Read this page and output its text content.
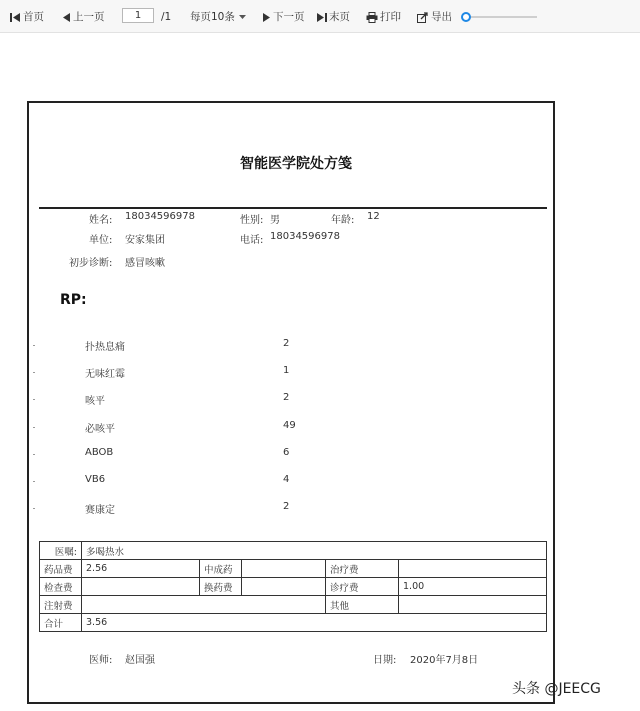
首页	上一页	1	/1 每页10条	下一页 末页	打印	导出
智能医学院处方笺
姓名: 18034596978	性别: 男	年龄: 12
单位: 安家集团	电话: 18034596978
初步诊断: 感冒咳嗽
RP:
扑热息痛	2
无味红霉	1
咳平	2
必咳平	49
ABOB	6
VB6	4
赛康定	2
医嘱:	多喝热水				
药品费	2.56	中成药		治疗费	
检查费		换药费		诊疗费	1.00
注射费				其他	
合计	3.56				
医师: 赵国强	日期: 2020年7月8日
头条 @JEECG
